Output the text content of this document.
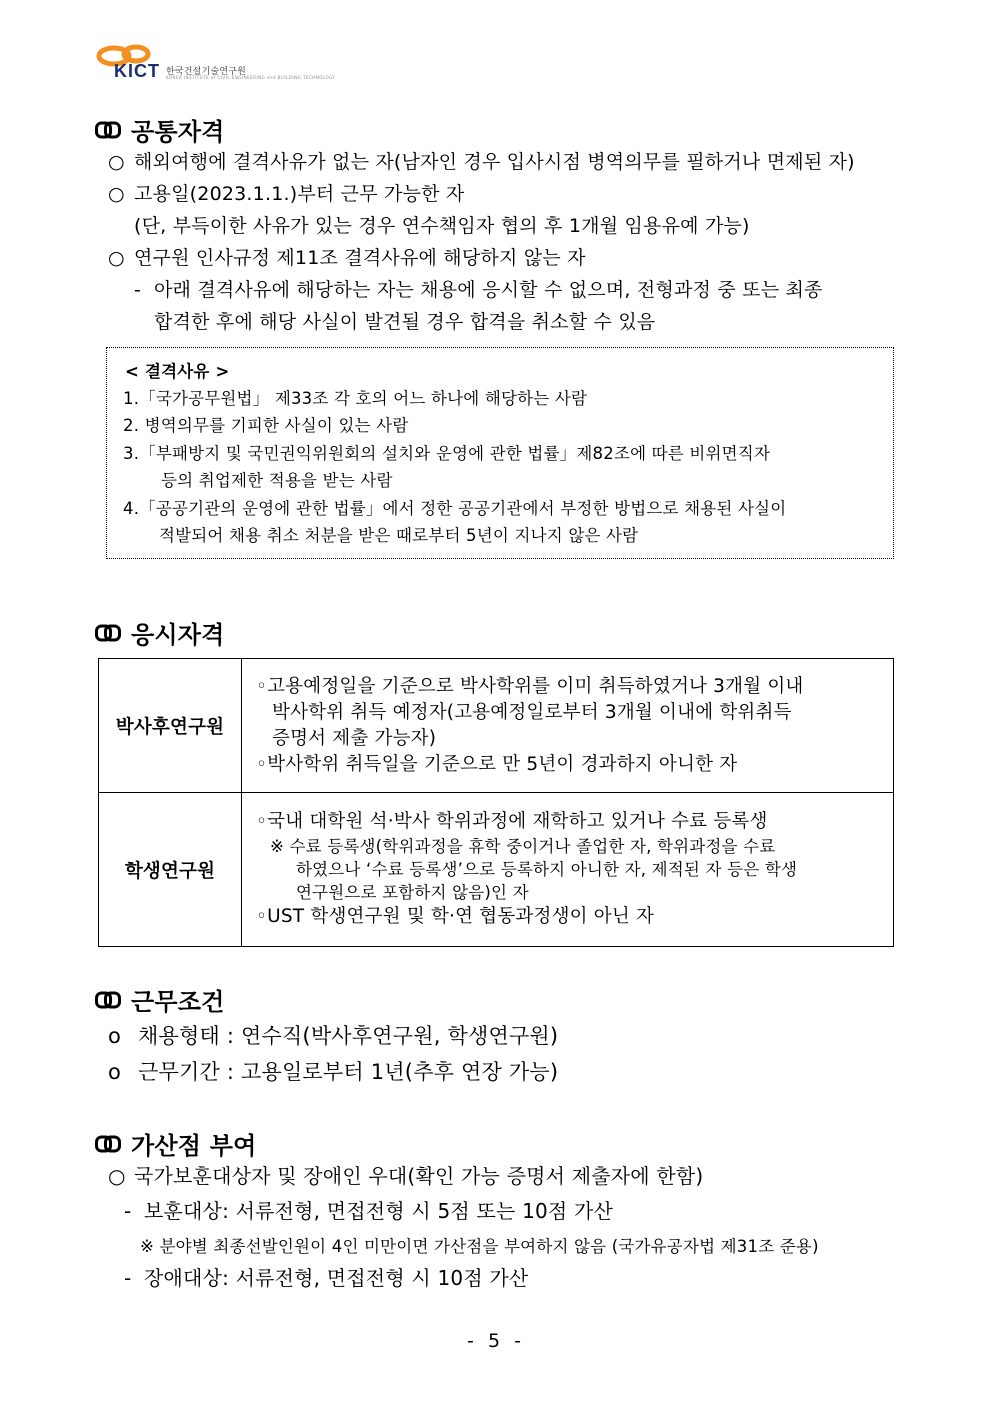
KICT 한국건설기술연구원
KOREA INSTITUTE of CIVIL ENGINEERING and BUILDING TECHNOLOGY
공통자격
○ 해외여행에 결격사유가 없는 자(남자인 경우 입사시점 병역의무를 필하거나 면제된 자)
○ 고용일(2023.1.1.)부터 근무 가능한 자
(단, 부득이한 사유가 있는 경우 연수책임자 협의 후 1개월 임용유예 가능)
○ 연구원 인사규정 제11조 결격사유에 해당하지 않는 자
- 아래 결격사유에 해당하는 자는 채용에 응시할 수 없으며, 전형과정 중 또는 최종
합격한 후에 해당 사실이 발견될 경우 합격을 취소할 수 있음
< 결격사유 >
1.「국가공무원법」 제33조 각 호의 어느 하나에 해당하는 사람
2. 병역의무를 기피한 사실이 있는 사람
3.「부패방지 및 국민권익위원회의 설치와 운영에 관한 법률」제82조에 따른 비위면직자
등의 취업제한 적용을 받는 사람
4.「공공기관의 운영에 관한 법률」에서 정한 공공기관에서 부정한 방법으로 채용된 사실이
적발되어 채용 취소 처분을 받은 때로부터 5년이 지나지 않은 사람
응시자격
박사후연구원	◦고용예정일을 기준으로 박사학위를 이미 취득하였거나 3개월 이내
박사학위 취득 예정자(고용예정일로부터 3개월 이내에 학위취득
증명서 제출 가능자)
◦박사학위 취득일을 기준으로 만 5년이 경과하지 아니한 자

학생연구원	◦국내 대학원 석·박사 학위과정에 재학하고 있거나 수료 등록생
※ 수료 등록생(학위과정을 휴학 중이거나 졸업한 자, 학위과정을 수료
하였으나 ‘수료 등록생’으로 등록하지 아니한 자, 제적된 자 등은 학생
연구원으로 포함하지 않음)인 자
◦UST 학생연구원 및 학·연 협동과정생이 아닌 자
근무조건
o 채용형태 : 연수직(박사후연구원, 학생연구원)
o 근무기간 : 고용일로부터 1년(추후 연장 가능)
가산점 부여
○ 국가보훈대상자 및 장애인 우대(확인 가능 증명서 제출자에 한함)
- 보훈대상: 서류전형, 면접전형 시 5점 또는 10점 가산
※ 분야별 최종선발인원이 4인 미만이면 가산점을 부여하지 않음 (국가유공자법 제31조 준용)
- 장애대상: 서류전형, 면접전형 시 10점 가산
- 5 -
